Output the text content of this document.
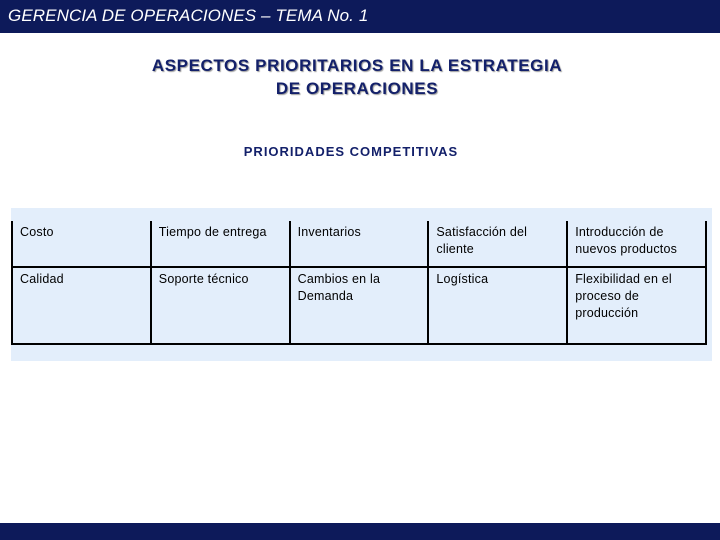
GERENCIA DE OPERACIONES – TEMA No. 1
ASPECTOS PRIORITARIOS EN LA ESTRATEGIA
DE OPERACIONES
PRIORIDADES COMPETITIVAS
Costo	Tiempo de entrega	Inventarios	Satisfacción del cliente	Introducción de nuevos productos
Calidad	Soporte técnico	Cambios en la Demanda	Logística	Flexibilidad en el proceso de producción
